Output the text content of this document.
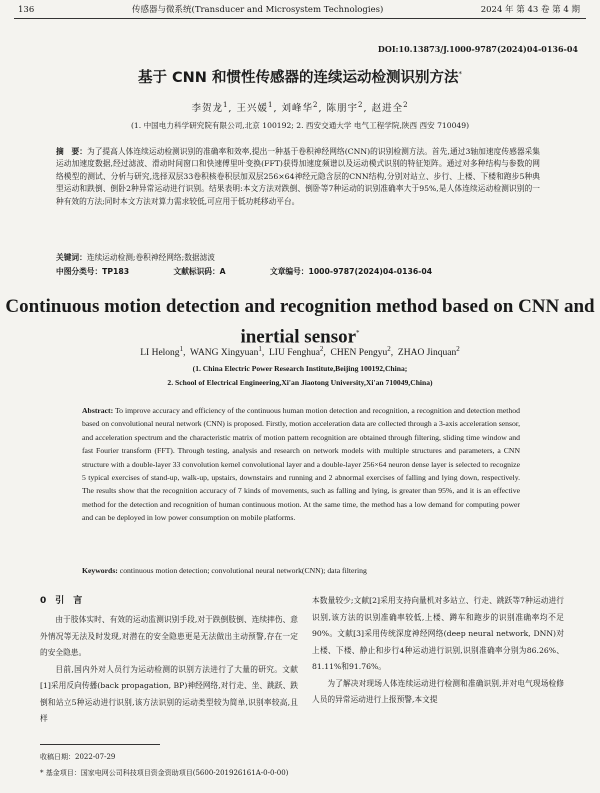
136	传感器与微系统(Transducer and Microsystem Technologies)	2024 年 第 43 卷 第 4 期
DOI:10.13873/J.1000-9787(2024)04-0136-04
基于 CNN 和惯性传感器的连续运动检测识别方法*
李贺龙$^1$, 王兴媛$^1$, 刘峰华$^2$, 陈朋宇$^2$, 赵进全$^2$
(1. 中国电力科学研究院有限公司,北京 100192; 2. 西安交通大学 电气工程学院,陕西 西安 710049)
摘　要：为了提高人体连续运动检测识别的准确率和效率,提出一种基于卷积神经网络(CNN)的识别检测方法。首先,通过3轴加速度传感器采集运动加速度数据,经过滤波、滑动时间窗口和快速傅里叶变换(FFT)获得加速度频谱以及运动模式识别的特征矩阵。通过对多种结构与参数的网络模型的测试、分析与研究,选择双层33卷积核卷积层加双层256×64神经元隐含层的CNN结构,分别对站立、步行、上楼、下楼和跑步5种典型运动和跌倒、倒卧2种异常运动进行识别。结果表明:本文方法对跌倒、倒卧等7种运动的识别准确率大于95%,是人体连续运动检测识别的一种有效的方法;同时本文方法对算力需求较低,可应用于低功耗移动平台。
关键词：连续运动检测;卷积神经网络;数据滤波
中图分类号：TP183	文献标识码：A	文章编号：1000-9787(2024)04-0136-04
Continuous motion detection and recognition method based on CNN and inertial sensor*
LI Helong$^1$,  WANG Xingyuan$^1$,  LIU Fenghua$^2$,  CHEN Pengyu$^2$,  ZHAO Jinquan$^2$
(1. China Electric Power Research Institute,Beijing 100192,China;
2. School of Electrical Engineering,Xi'an Jiaotong University,Xi'an 710049,China)
Abstract: To improve accuracy and efficiency of the continuous human motion detection and recognition, a recognition and detection method based on convolutional neural network (CNN) is proposed. Firstly, motion acceleration data are collected through a 3-axis acceleration sensor, and acceleration spectrum and the characteristic matrix of motion pattern recognition are obtained through filtering, sliding time window and fast Fourier transform (FFT). Through testing, analysis and research on network models with multiple structures and parameters, a CNN structure with a double-layer 33 convolution kernel convolutional layer and a double-layer 256×64 neuron dense layer is selected to recognize 5 typical exercises of stand-up, walk-up, upstairs, downstairs and running and 2 abnormal exercises of falling and lying down, respectively. The results show that the recognition accuracy of 7 kinds of movements, such as falling and lying, is greater than 95%, and it is an effective method for the detection and recognition of human continuous motion. At the same time, the method has a low demand for computing power and can be deployed in low power consumption on mobile platforms.
Keywords: continuous motion detection; convolutional neural network(CNN); data filtering
0　引　言

由于肢体实时、有效的运动监测识别手段,对于跌倒肢倒、连续摔伤、意外情况等无法及时发现,对潜在的安全隐患更是无法做出主动预警,存在一定的安全隐患。

目前,国内外对人员行为运动检测的识别方法进行了大量的研究。文献[1]采用反向传播(back propagation, BP)神经网络,对行走、坐、跳跃、跌倒和站立5种运动进行识别,该方法识别的运动类型较为简单,识别率较高,且样

本数量较少;文献[2]采用支持向量机对多站立、行走、跳跃等7种运动进行识别,该方法的识别准确率较低,上楼、蹲车和跑步的识别准确率均不足90%。文献[3]采用传统深度神经网络(deep neural network, DNN)对上楼、下楼、静止和步行4种运动进行识别,识别准确率分别为86.26%、81.11%和91.76%。

为了解决对现场人体连续运动进行检测和准确识别,并对电气现场检修人员的异常运动进行上报预警,本文提

收稿日期：2022-07-29
* 基金项目：国家电网公司科技项目资金资助项目(5600-201926161A-0-0-00)
